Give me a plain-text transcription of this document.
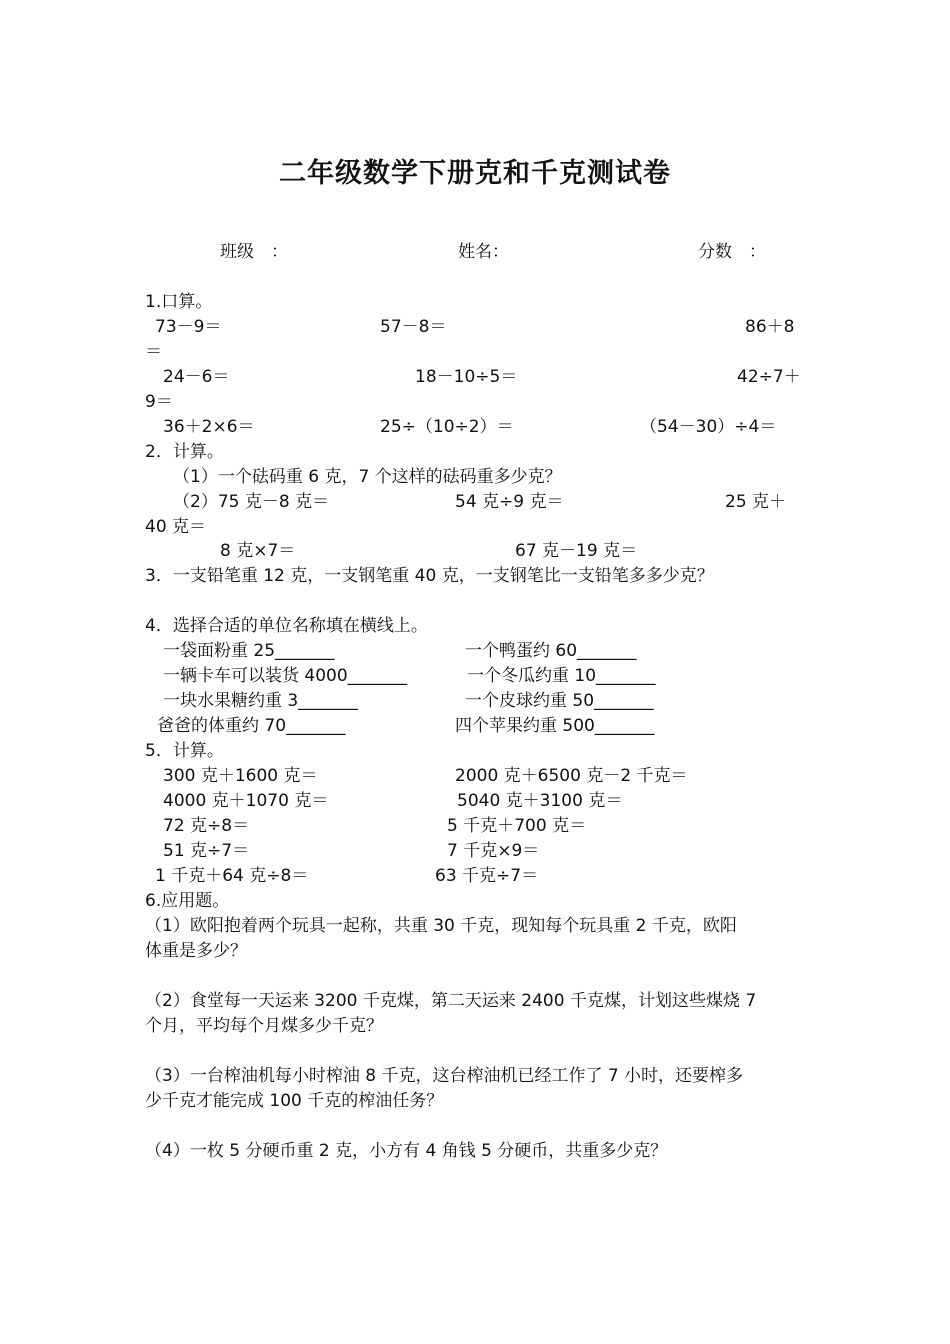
二年级数学下册克和千克测试卷
班级　：	姓名：	分数　：
1.口算。
73－9＝	57－8＝	86＋8
＝
24－6＝	18－10÷5＝	42÷7＋
9＝
36＋2×6＝	25÷（10÷2）＝	（54－30）÷4＝
2．计算。
（1）一个砝码重 6 克，7 个这样的砝码重多少克？
（2）75 克－8 克＝	54 克÷9 克＝	25 克＋
40 克＝
8 克×7＝	67 克－19 克＝
3．一支铅笔重 12 克，一支钢笔重 40 克，一支钢笔比一支铅笔多多少克？
4．选择合适的单位名称填在横线上。
一袋面粉重 25_______	一个鸭蛋约 60_______
一辆卡车可以装货 4000_______	一个冬瓜约重 10_______
一块水果糖约重 3_______	一个皮球约重 50_______
爸爸的体重约 70_______	四个苹果约重 500_______
5．计算。
300 克＋1600 克＝	2000 克＋6500 克－2 千克＝
4000 克＋1070 克＝	5040 克＋3100 克＝
72 克÷8＝	5 千克＋700 克＝
51 克÷7＝	7 千克×9＝
1 千克＋64 克÷8＝	63 千克÷7＝
6.应用题。
（1）欧阳抱着两个玩具一起称，共重 30 千克，现知每个玩具重 2 千克，欧阳
体重是多少？
（2）食堂每一天运来 3200 千克煤，第二天运来 2400 千克煤，计划这些煤烧 7
个月，平均每个月煤多少千克？
（3）一台榨油机每小时榨油 8 千克，这台榨油机已经工作了 7 小时，还要榨多
少千克才能完成 100 千克的榨油任务？
（4）一枚 5 分硬币重 2 克，小方有 4 角钱 5 分硬币，共重多少克？
